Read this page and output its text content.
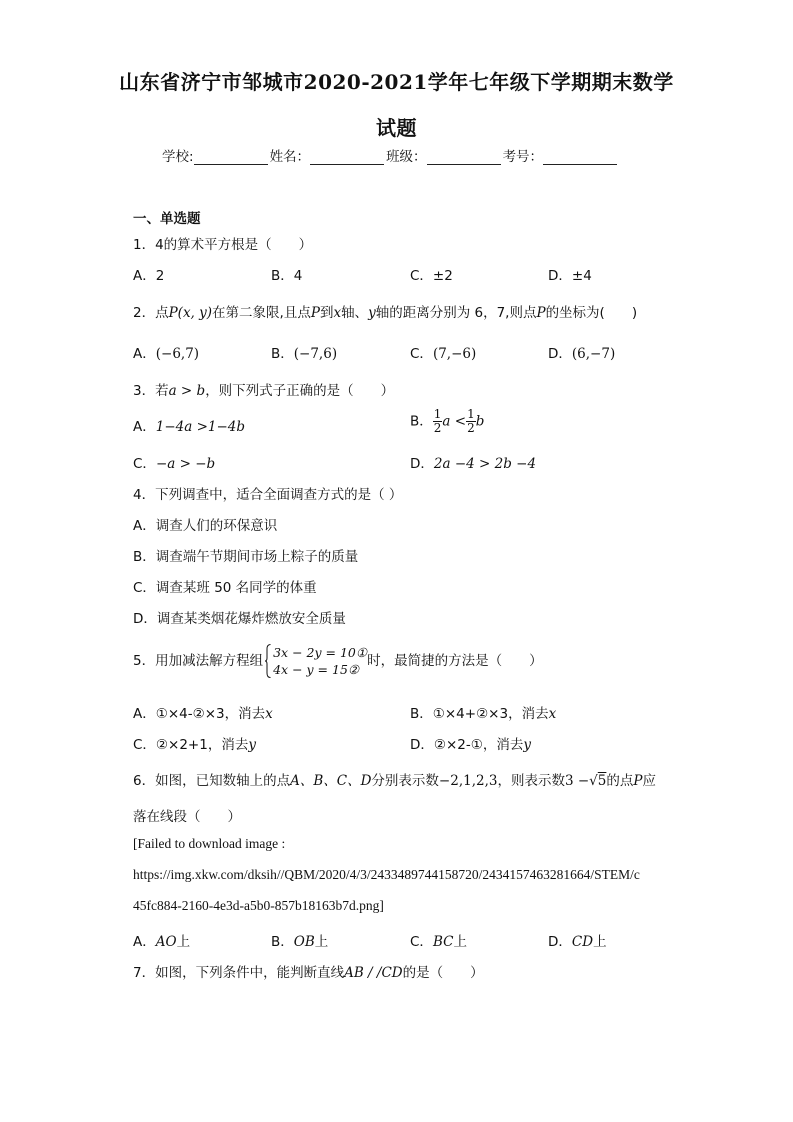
山东省济宁市邹城市2020-2021学年七年级下学期期末数学
试题
学校:	姓名：	班级：	考号：
一、单选题
1．4的算术平方根是（　　）
A．2	B．4	C．±2	D．±4
2．点P(x, y)在第二象限,且点P到x轴、y轴的距离分别为 6，7,则点P的坐标为(　　)
A．(−6,7)	B．(−7,6)	C．(7,−6)	D．(6,−7)
3．若a > b，则下列式子正确的是（　　）
A．1−4a >1−4b	B． $\frac{1}{2}$ $a < \frac{1}{2}$ b
C．−a > −b	D．2a −4 > 2b −4
4．下列调查中，适合全面调查方式的是（ ）
A．调查人们的环保意识
B．调查端午节期间市场上粽子的质量
C．调查某班 50 名同学的体重
D．调查某类烟花爆炸燃放安全质量
5．用加减法解方程组
3x − 2y = 10①
4x − y = 15②
时，最简捷的方法是（　　）
A．①×4-②×3，消去x	B．①×4+②×3，消去x
C．②×2+1，消去y	D．②×2-①，消去y
6．如图，已知数轴上的点A、B、C、D分别表示数−2,1,2,3，则表示数3 −√5的点P应
落在线段（　　）
[Failed to download image :
https://img.xkw.com/dksih//QBM/2020/4/3/2433489744158720/2434157463281664/STEM/c
45fc884-2160-4e3d-a5b0-857b18163b7d.png]
A．AO上	B．OB上	C．BC上	D．CD上
7．如图，下列条件中，能判断直线AB / /CD的是（　　）
